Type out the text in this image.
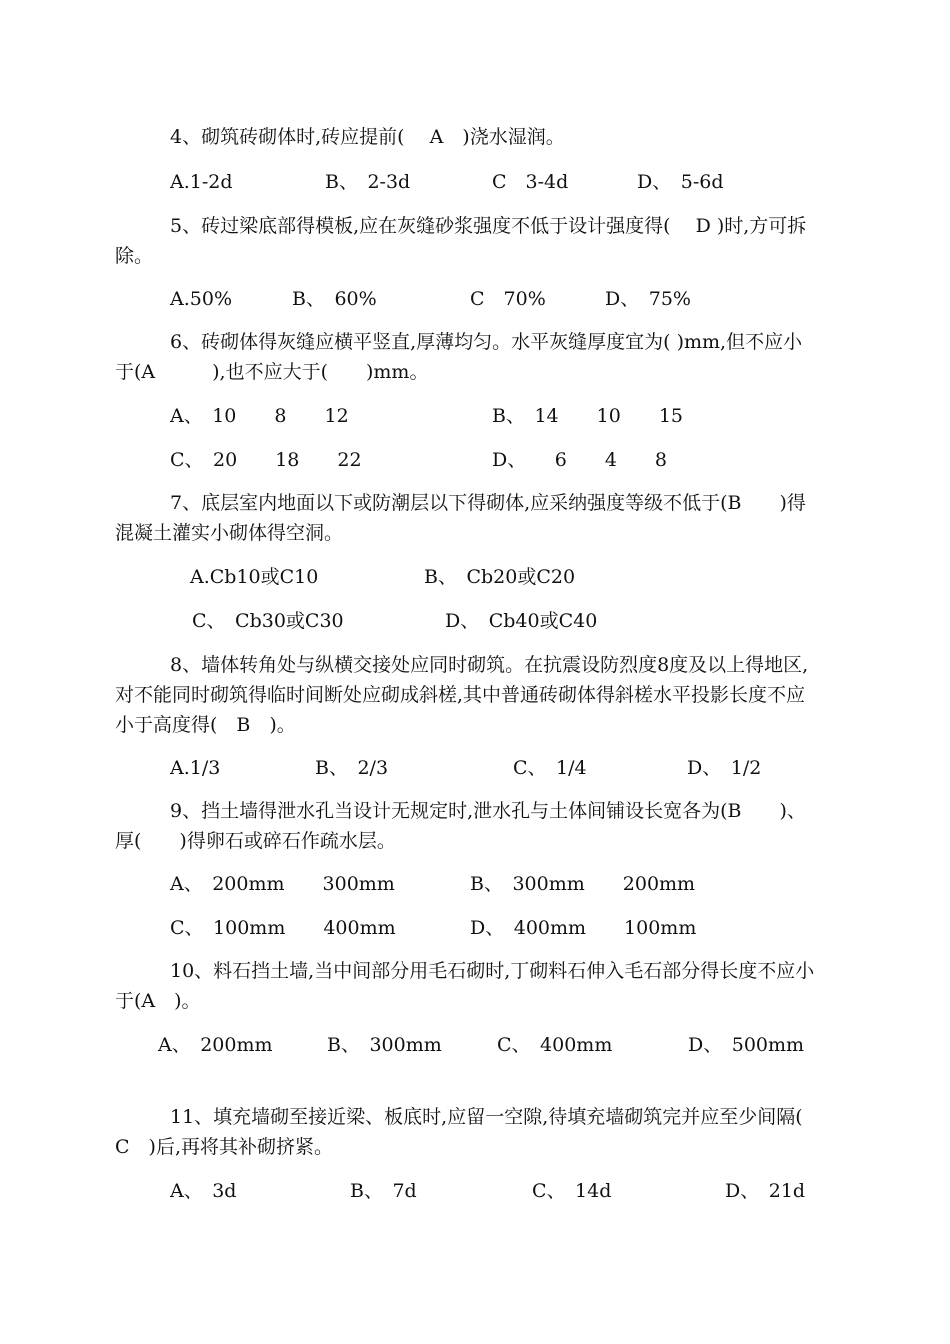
4、砌筑砖砌体时,砖应提前(　 A　)浇水湿润。

A.1-2d	B、　2-3d	C　3-4d	D、　5-6d

5、砖过梁底部得模板,应在灰缝砂浆强度不低于设计强度得(　 D )时,方可拆除。

A.50%	B、　60%	C　70%	D、　75%

6、砖砌体得灰缝应横平竖直,厚薄均匀。水平灰缝厚度宜为( )mm,但不应小于(A　　　),也不应大于(　　)mm。

A、　10　　8　　12	B、　14　　10　　15
C、　20　　18　　22	D、　　6　　4　　8

7、底层室内地面以下或防潮层以下得砌体,应采纳强度等级不低于(B　　)得混凝土灌实小砌体得空洞。

A.Cb10或C10	B、　Cb20或C20
C、　Cb30或C30	D、　Cb40或C40

8、墙体转角处与纵横交接处应同时砌筑。在抗震设防烈度8度及以上得地区,对不能同时砌筑得临时间断处应砌成斜槎,其中普通砖砌体得斜槎水平投影长度不应小于高度得(　B　)。

A.1/3	B、　2/3	C、　1/4	D、　1/2

9、挡土墙得泄水孔当设计无规定时,泄水孔与土体间铺设长宽各为(B　　)、厚(　　)得卵石或碎石作疏水层。

A、　200mm　　300mm	B、　300mm　　200mm
C、　100mm　　400mm	D、　400mm　　100mm

10、料石挡土墙,当中间部分用毛石砌时,丁砌料石伸入毛石部分得长度不应小于(A　)。

A、　200mm	B、　300mm	C、　400mm	D、　500mm

11、填充墙砌至接近梁、板底时,应留一空隙,待填充墙砌筑完并应至少间隔(　C　)后,再将其补砌挤紧。

A、　3d	B、　7d	C、　14d	D、　21d
